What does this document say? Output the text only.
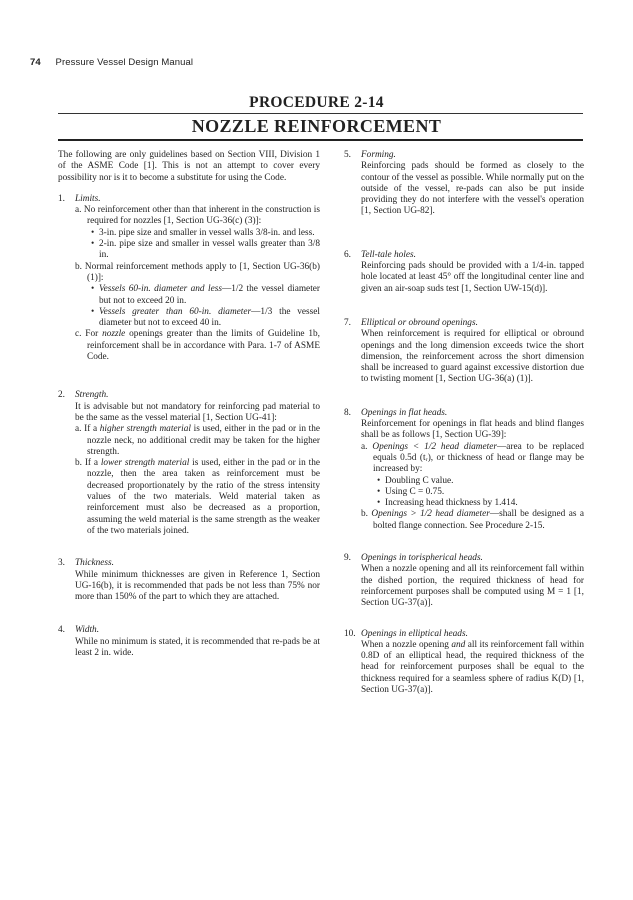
74 Pressure Vessel Design Manual
PROCEDURE 2-14
NOZZLE REINFORCEMENT

The following are only guidelines based on Section VIII, Division 1 of the ASME Code [1]. This is not an attempt to cover every possibility nor is it to become a substitute for using the Code.

1. Limits.
a. No reinforcement other than that inherent in the construction is required for nozzles [1, Section UG-36(c) (3)]:
• 3-in. pipe size and smaller in vessel walls 3/8-in. and less.
• 2-in. pipe size and smaller in vessel walls greater than 3/8 in.
b. Normal reinforcement methods apply to [1, Section UG-36(b) (1)]:
• Vessels 60-in. diameter and less—1/2 the vessel diameter but not to exceed 20 in.
• Vessels greater than 60-in. diameter—1/3 the vessel diameter but not to exceed 40 in.
c. For nozzle openings greater than the limits of Guideline 1b, reinforcement shall be in accordance with Para. 1-7 of ASME Code.
2. Strength.
It is advisable but not mandatory for reinforcing pad material to be the same as the vessel material [1, Section UG-41]:
a. If a higher strength material is used, either in the pad or in the nozzle neck, no additional credit may be taken for the higher strength.
b. If a lower strength material is used, either in the pad or in the nozzle, then the area taken as reinforcement must be decreased proportionately by the ratio of the stress intensity values of the two materials. Weld material taken as reinforcement must also be decreased as a proportion, assuming the weld material is the same strength as the weaker of the two materials joined.
3. Thickness.
While minimum thicknesses are given in Reference 1, Section UG-16(b), it is recommended that pads be not less than 75% nor more than 150% of the part to which they are attached.
4. Width.
While no minimum is stated, it is recommended that re-pads be at least 2 in. wide.
5. Forming.
Reinforcing pads should be formed as closely to the contour of the vessel as possible. While normally put on the outside of the vessel, re-pads can also be put inside providing they do not interfere with the vessel's operation [1, Section UG-82].
6. Tell-tale holes.
Reinforcing pads should be provided with a 1/4-in. tapped hole located at least 45° off the longitudinal center line and given an air-soap suds test [1, Section UW-15(d)].
7. Elliptical or obround openings.
When reinforcement is required for elliptical or obround openings and the long dimension exceeds twice the short dimension, the reinforcement across the short dimension shall be increased to guard against excessive distortion due to twisting moment [1, Section UG-36(a) (1)].
8. Openings in flat heads.
Reinforcement for openings in flat heads and blind flanges shall be as follows [1, Section UG-39]:
a. Openings < 1/2 head diameter—area to be replaced equals 0.5d (tᵣ), or thickness of head or flange may be increased by:
• Doubling C value.
• Using C = 0.75.
• Increasing head thickness by 1.414.
b. Openings > 1/2 head diameter—shall be designed as a bolted flange connection. See Procedure 2-15.
9. Openings in torispherical heads.
When a nozzle opening and all its reinforcement fall within the dished portion, the required thickness of head for reinforcement purposes shall be computed using M = 1 [1, Section UG-37(a)].
10. Openings in elliptical heads.
When a nozzle opening and all its reinforcement fall within 0.8D of an elliptical head, the required thickness of the head for reinforcement purposes shall be equal to the thickness required for a seamless sphere of radius K(D) [1, Section UG-37(a)].
